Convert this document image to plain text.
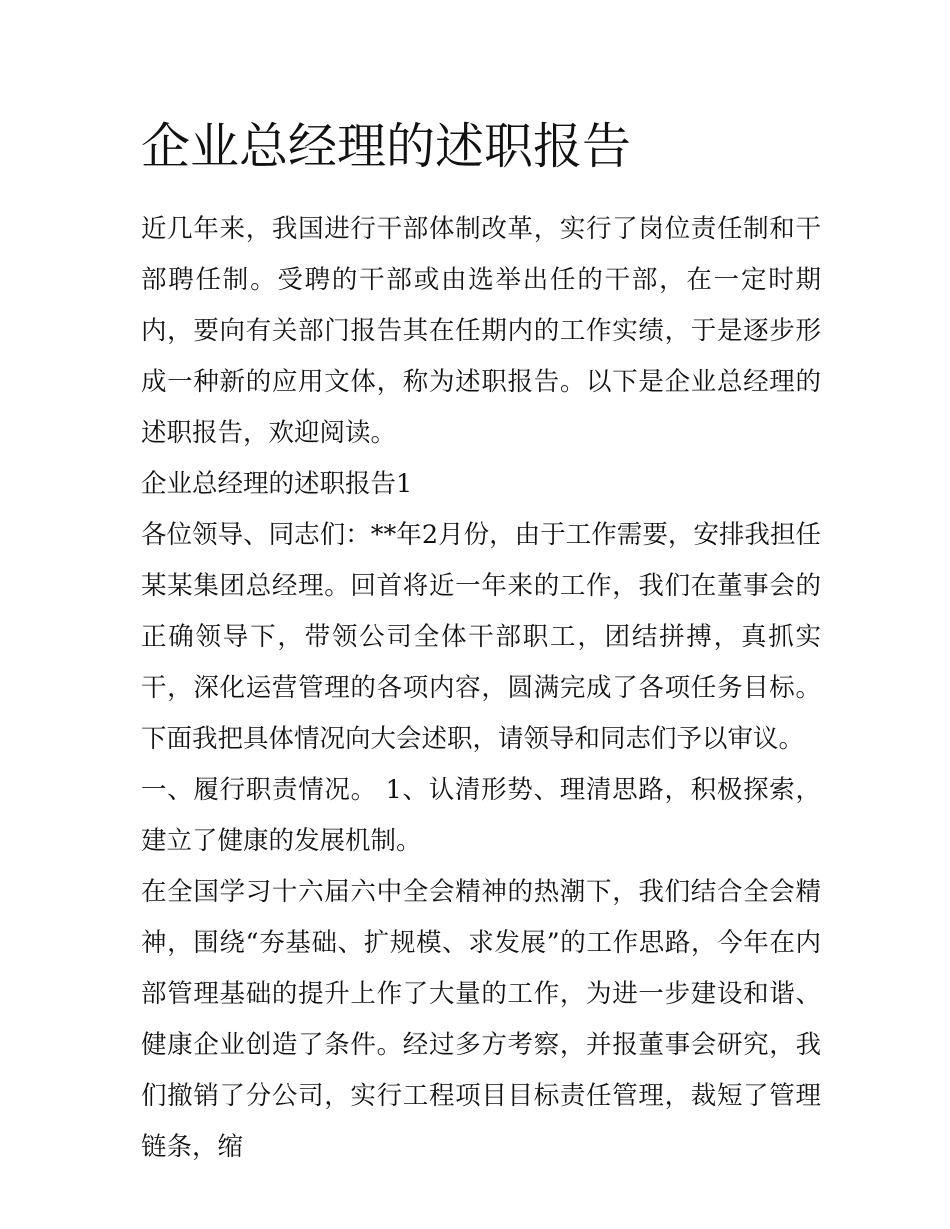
企业总经理的述职报告

近几年来，我国进行干部体制改革，实行了岗位责任制和干部聘任制。受聘的干部或由选举出任的干部，在一定时期内，要向有关部门报告其在任期内的工作实绩，于是逐步形成一种新的应用文体，称为述职报告。以下是企业总经理的述职报告，欢迎阅读。

企业总经理的述职报告1

各位领导、同志们：**年2月份，由于工作需要，安排我担任某某集团总经理。回首将近一年来的工作，我们在董事会的正确领导下，带领公司全体干部职工，团结拼搏，真抓实干，深化运营管理的各项内容，圆满完成了各项任务目标。下面我把具体情况向大会述职，请领导和同志们予以审议。

一、履行职责情况。 1、认清形势、理清思路，积极探索，建立了健康的发展机制。

在全国学习十六届六中全会精神的热潮下，我们结合全会精神，围绕“夯基础、扩规模、求发展”的工作思路，今年在内部管理基础的提升上作了大量的工作，为进一步建设和谐、健康企业创造了条件。经过多方考察，并报董事会研究，我们撤销了分公司，实行工程项目目标责任管理，裁短了管理链条，缩
